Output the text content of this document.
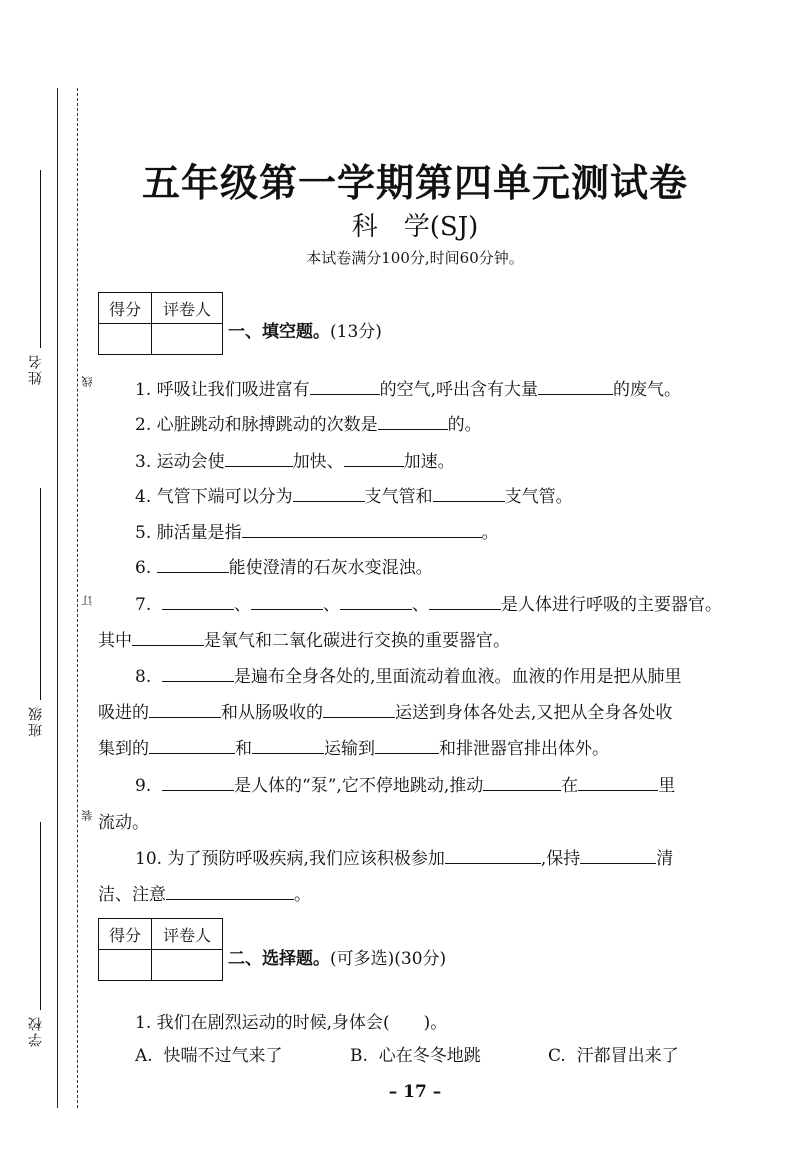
姓名
班级
学校
装
订
线
五年级第一学期第四单元测试卷
科　学(SJ)
本试卷满分100分,时间60分钟。
得分	评卷人

一、填空题。(13分)
1. 呼吸让我们吸进富有	的空气,呼出含有大量	的废气。
2. 心脏跳动和脉搏跳动的次数是	的。
3. 运动会使	加快、	加速。
4. 气管下端可以分为	支气管和	支气管。
5. 肺活量是指	。
6.	能使澄清的石灰水变混浊。
7.	、	、	、	是人体进行呼吸的主要器官。
其中	是氧气和二氧化碳进行交换的重要器官。
8.	是遍布全身各处的,里面流动着血液。血液的作用是把从肺里
吸进的	和从肠吸收的	运送到身体各处去,又把从全身各处收
集到的	和	运输到	和排泄器官排出体外。
9.	是人体的“泵”,它不停地跳动,推动	在	里
流动。
10. 为了预防呼吸疾病,我们应该积极参加	,保持	清
洁、注意	。
得分	评卷人

二、选择题。(可多选)(30分)
1. 我们在剧烈运动的时候,身体会(　　)。
A. 快喘不过气来了	B. 心在冬冬地跳	C. 汗都冒出来了
– 17 –
